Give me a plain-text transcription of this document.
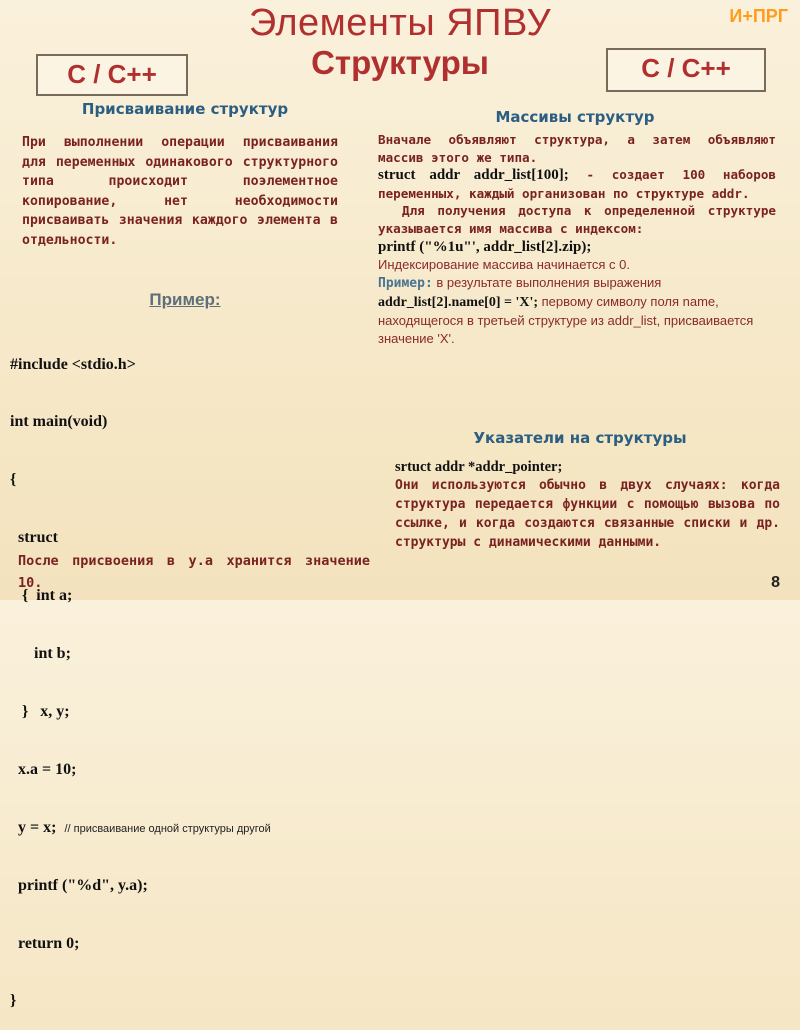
Элементы ЯПВУ
Структуры
И+ПРГ
С / С++	С / С++
Присваивание структур
При выполнении операции присваивания для переменных одинакового структурного типа происходит поэлементное копирование, нет необходимости присваивать значения каждого элемента в отдельности.
Пример:

#include <stdio.h>

int main(void)

{

struct

{  int a;

int b;

}   x, y;

x.a = 10;

y = x;  // присваивание одной структуры другой

printf ("%d", y.a);

return 0;

}

После присвоения в y.a хранится значение 10.
Массивы структур
Вначале объявляют структура, а затем объявляют массив этого же типа.
struct addr addr_list[100]; - создает 100 наборов переменных, каждый организован по структуре addr.
Для получения доступа к определенной структуре указывается имя массива с индексом:
printf ("%1u"', addr_list[2].zip);
Индексирование массива начинается с 0.
Пример: в результате выполнения выражения
addr_list[2].name[0] = 'X'; первому символу поля name, находящегося в третьей структуре из addr_list, присваивается значение 'X'.
Указатели на структуры
srtuct addr *addr_pointer;
Они используются обычно в двух случаях: когда структура передается функции с помощью вызова по ссылке, и когда создаются связанные списки и др. структуры с динамическими данными.
8
